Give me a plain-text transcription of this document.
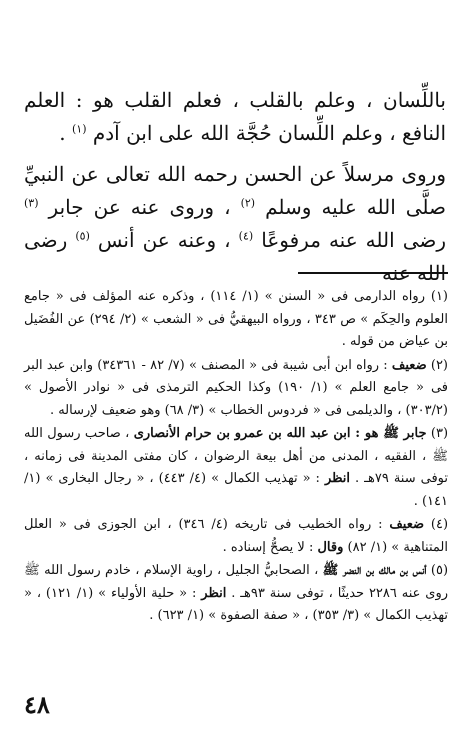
باللِّسان ، وعلم بالقلب ، فعلم القلب هو : العلم النافع ، وعلم اللِّسان حُجَّة الله على ابن آدم $^{(١)}$ .

وروى مرسلاً عن الحسن رحمه الله تعالى عن النبيِّ صلَّى الله عليه وسلم $^{(٢)}$ ، وروى عنه عن جابر $^{(٣)}$ رضى الله عنه مرفوعًا $^{(٤)}$ ، وعنه عن أنس $^{(٥)}$ رضى الله عنه

(١) رواه الدارمى فى « السنن » (١/ ١١٤) ، وذكره عنه المؤلف فى « جامع العلوم والحِكَم » ص ٣٤٣ ، ورواه البيهقيُّ فى « الشعب » (٢/ ٢٩٤) عن الفُضَيل بن عياض من قوله .

(٢) ضعيف : رواه ابن أبى شيبة فى « المصنف » (٧/ ٨٢ - ٣٤٣٦١) وابن عبد البر فى « جامع العلم » (١/ ١٩٠) وكذا الحكيم الترمذى فى « نوادر الأصول » (٣٠٣/٢) ، والديلمى فى « فردوس الخطاب » (٣/ ٦٨) وهو ضعيف لإرساله .

(٣) جابر ﷺ هو : ابن عبد الله بن عمرو بن حرام الأنصارى ، صاحب رسول الله ﷺ ، الفقيه ، المدنى من أهل بيعة الرضوان ، كان مفتى المدينة فى زمانه ، توفى سنة ٧٩هـ . انظر : « تهذيب الكمال » (٤/ ٤٤٣) ، « رجال البخارى » (١/ ١٤١) .

(٤) ضعيف : رواه الخطيب فى تاريخه (٤/ ٣٤٦) ، ابن الجوزى فى « العلل المتناهية » (١/ ٨٢) وقال : لا يصحُّ إسناده .

(٥) أنس بن مالك بن النضر ﷺ ، الصحابيُّ الجليل ، راوية الإسلام ، خادم رسول الله ﷺ روى عنه ٢٢٨٦ حديثًا ، توفى سنة ٩٣هـ . انظر : « حلية الأولياء » (١/ ١٢١) ، « تهذيب الكمال » (٣/ ٣٥٣) ، « صفة الصفوة » (١/ ٦٢٣) .

٤٨
